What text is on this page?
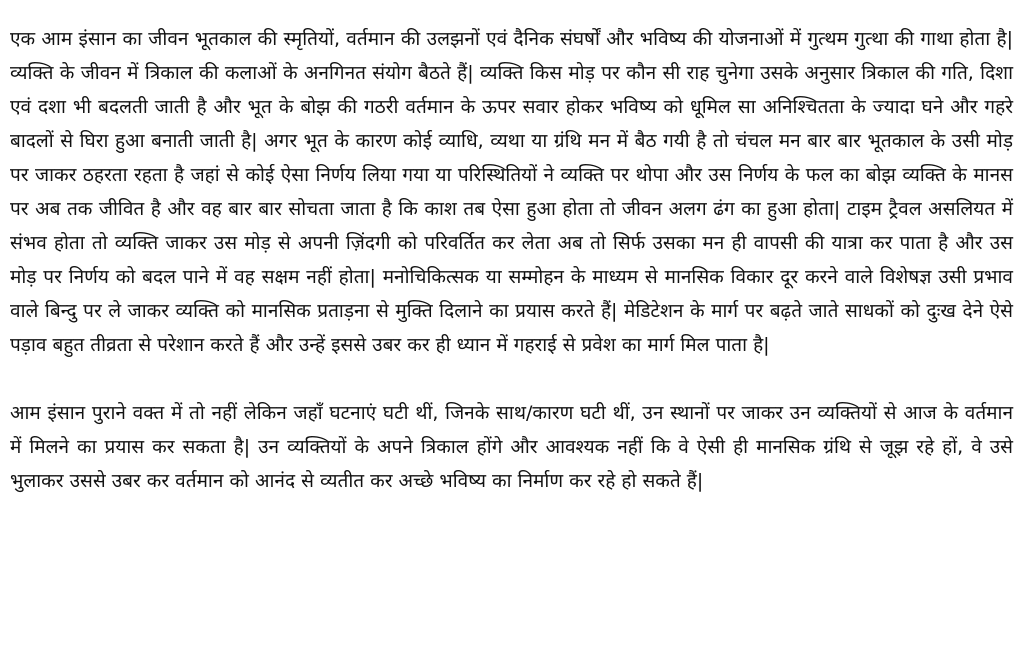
एक आम इंसान का जीवन भूतकाल की स्मृतियों, वर्तमान की उलझनों एवं दैनिक संघर्षों और भविष्य की योजनाओं में गुत्थम गुत्था की गाथा होता है| व्यक्ति के जीवन में त्रिकाल की कलाओं के अनगिनत संयोग बैठते हैं| व्यक्ति किस मोड़ पर कौन सी राह चुनेगा उसके अनुसार त्रिकाल की गति, दिशा एवं दशा भी बदलती जाती है और भूत के बोझ की गठरी वर्तमान के ऊपर सवार होकर भविष्य को धूमिल सा अनिश्चितता के ज्यादा घने और गहरे बादलों से घिरा हुआ बनाती जाती है| अगर भूत के कारण कोई व्याधि, व्यथा या ग्रंथि मन में बैठ गयी है तो चंचल मन बार बार भूतकाल के उसी मोड़ पर जाकर ठहरता रहता है जहां से कोई ऐसा निर्णय लिया गया या परिस्थितियों ने व्यक्ति पर थोपा और उस निर्णय के फल का बोझ व्यक्ति के मानस पर अब तक जीवित है और वह बार बार सोचता जाता है कि काश तब ऐसा हुआ होता तो जीवन अलग ढंग का हुआ होता| टाइम ट्रैवल असलियत में संभव होता तो व्यक्ति जाकर उस मोड़ से अपनी ज़िंदगी को परिवर्तित कर लेता अब तो सिर्फ उसका मन ही वापसी की यात्रा कर पाता है और उस मोड़ पर निर्णय को बदल पाने में वह सक्षम नहीं होता| मनोचिकित्सक या सम्मोहन के माध्यम से मानसिक विकार दूर करने वाले विशेषज्ञ उसी प्रभाव वाले बिन्दु पर ले जाकर व्यक्ति को मानसिक प्रताड़ना से मुक्ति दिलाने का प्रयास करते हैं| मेडिटेशन के मार्ग पर बढ़ते जाते साधकों को दुःख देने ऐसे पड़ाव बहुत तीव्रता से परेशान करते हैं और उन्हें इससे उबर कर ही ध्यान में गहराई से प्रवेश का मार्ग मिल पाता है|

आम इंसान पुराने वक्त में तो नहीं लेकिन जहाँ घटनाएं घटी थीं, जिनके साथ/कारण घटी थीं, उन स्थानों पर जाकर उन व्यक्तियों से आज के वर्तमान में मिलने का प्रयास कर सकता है| उन व्यक्तियों के अपने त्रिकाल होंगे और आवश्यक नहीं कि वे ऐसी ही मानसिक ग्रंथि से जूझ रहे हों, वे उसे भुलाकर उससे उबर कर वर्तमान को आनंद से व्यतीत कर अच्छे भविष्य का निर्माण कर रहे हो सकते हैं|
